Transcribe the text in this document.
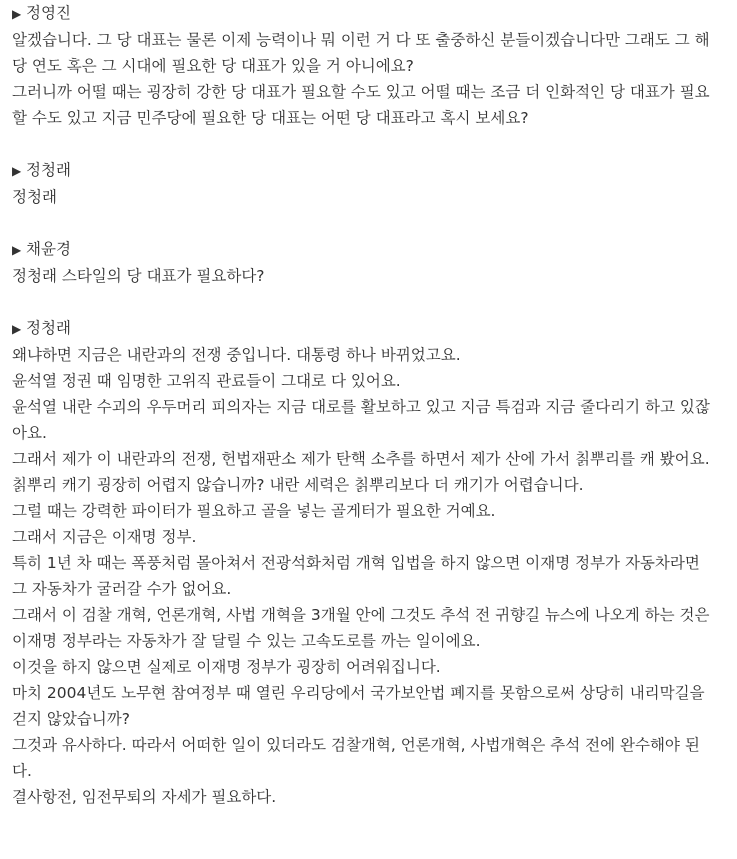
▶ 정영진

알겠습니다. 그 당 대표는 물론 이제 능력이나 뭐 이런 거 다 또 출중하신 분들이겠습니다만 그래도 그 해당 연도 혹은 그 시대에 필요한 당 대표가 있을 거 아니에요?

그러니까 어떨 때는 굉장히 강한 당 대표가 필요할 수도 있고 어떨 때는 조금 더 인화적인 당 대표가 필요할 수도 있고 지금 민주당에 필요한 당 대표는 어떤 당 대표라고 혹시 보세요?

▶ 정청래

정청래

▶ 채윤경

정청래 스타일의 당 대표가 필요하다?

▶ 정청래

왜냐하면 지금은 내란과의 전쟁 중입니다. 대통령 하나 바뀌었고요.

윤석열 정권 때 임명한 고위직 관료들이 그대로 다 있어요.

윤석열 내란 수괴의 우두머리 피의자는 지금 대로를 활보하고 있고 지금 특검과 지금 줄다리기 하고 있잖아요.

그래서 제가 이 내란과의 전쟁, 헌법재판소 제가 탄핵 소추를 하면서 제가 산에 가서 칡뿌리를 캐 봤어요.

칡뿌리 캐기 굉장히 어렵지 않습니까? 내란 세력은 칡뿌리보다 더 캐기가 어렵습니다.

그럴 때는 강력한 파이터가 필요하고 골을 넣는 골게터가 필요한 거예요.

그래서 지금은 이재명 정부.

특히 1년 차 때는 폭풍처럼 몰아쳐서 전광석화처럼 개혁 입법을 하지 않으면 이재명 정부가 자동차라면 그 자동차가 굴러갈 수가 없어요.

그래서 이 검찰 개혁, 언론개혁, 사법 개혁을 3개월 안에 그것도 추석 전 귀향길 뉴스에 나오게 하는 것은 이재명 정부라는 자동차가 잘 달릴 수 있는 고속도로를 까는 일이에요.

이것을 하지 않으면 실제로 이재명 정부가 굉장히 어려워집니다.

마치 2004년도 노무현 참여정부 때 열린 우리당에서 국가보안법 폐지를 못함으로써 상당히 내리막길을 걷지 않았습니까?

그것과 유사하다. 따라서 어떠한 일이 있더라도 검찰개혁, 언론개혁, 사법개혁은 추석 전에 완수해야 된다.

결사항전, 임전무퇴의 자세가 필요하다.
